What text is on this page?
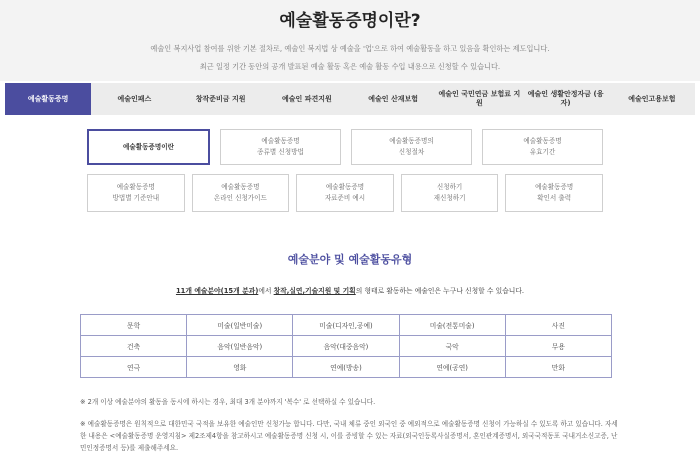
예술활동증명이란?
예술인 복지사업 참여를 위한 기본 절차로, 예술인 복지법 상 예술을 '업'으로 하여 예술활동을 하고 있음을 확인하는 제도입니다.
최근 일정 기간 동안의 공개 발표된 예술 활동 혹은 예술 활동 수입 내용으로 신청할 수 있습니다.
예술활동증명	예술인패스	창작준비금 지원	예술인 파견지원	예술인 산재보험
예술인 국민연금 보험료 지원
예술인 생활안정자금 (융자)
예술인고용보험
예술활동증명이란
예술활동증명
종류별 신청방법
예술활동증명의
신청절차
예술활동증명
유효기간
예술활동증명
방법별 기준안내
예술활동증명
온라인 신청가이드
예술활동증명
자료준비 예시
신청하기
재신청하기
예술활동증명
확인서 출력
예술분야 및 예술활동유형
11개 예술분야(15개 분과)에서 창작,실연,기술지원 및 기획의 형태로 활동하는 예술인은 누구나 신청할 수 있습니다.
문학	미술(일반미술)	미술(디자인,공예)	미술(전통미술)	사진
건축	음악(일반음악)	음악(대중음악)	국악	무용
연극	영화	연예(방송)	연예(공연)	만화
※ 2개 이상 예술분야의 활동을 동시에 하시는 경우, 최대 3개 분야까지 '복수' 로 선택하실 수 있습니다.
※ 예술활동증명은 원칙적으로 대한민국 국적을 보유한 예술인만 신청가능 합니다. 다만, 국내 체류 중인 외국인 중 예외적으로 예술활동증명 신청이 가능하실 수 있도록 하고 있습니다. 자세한 내용은 <예술활동증명 운영지침> 제2조제4항을 참고하시고 예술활동증명 신청 시, 이를 증빙할 수 있는 자료(외국인등록사실증명서, 혼인관계증명서, 외국국적동포 국내거소신고증, 난민인정증명서 등)를 제출해주세요.
